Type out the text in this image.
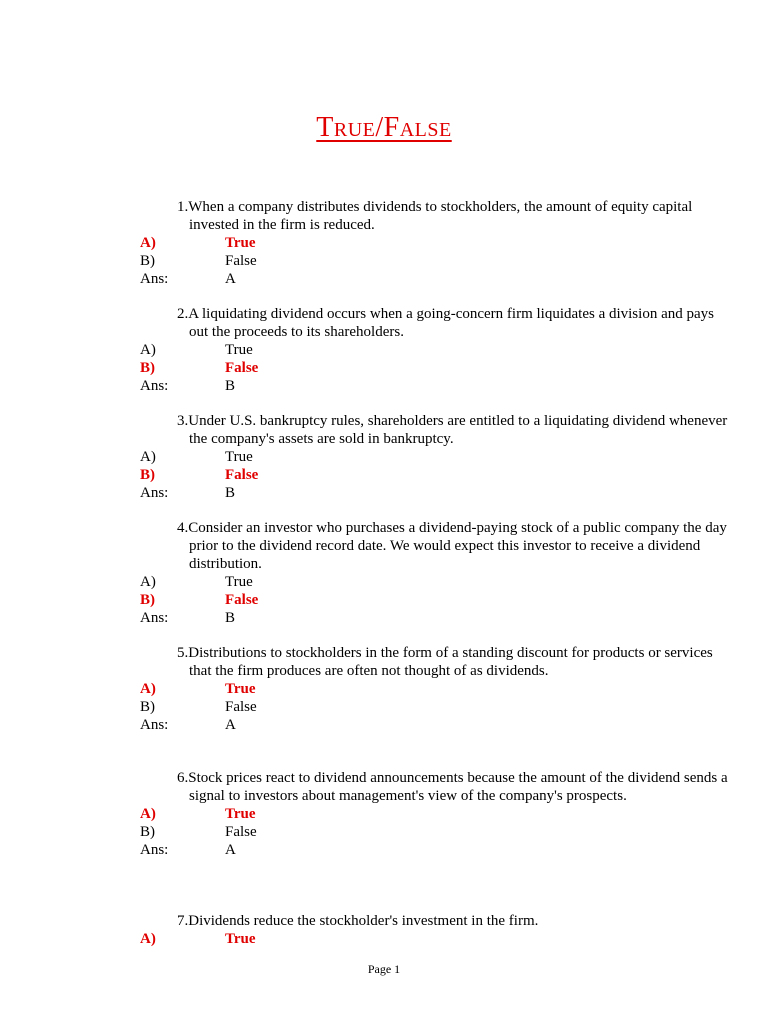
True/False
1.When a company distributes dividends to stockholders, the amount of equity capital invested in the firm is reduced.
A)	True
B)	False
Ans:	A
2.A liquidating dividend occurs when a going-concern firm liquidates a division and pays out the proceeds to its shareholders.
A)	True
B)	False
Ans:	B
3.Under U.S. bankruptcy rules, shareholders are entitled to a liquidating dividend whenever the company's assets are sold in bankruptcy.
A)	True
B)	False
Ans:	B
4.Consider an investor who purchases a dividend-paying stock of a public company the day prior to the dividend record date. We would expect this investor to receive a dividend distribution.
A)	True
B)	False
Ans:	B
5.Distributions to stockholders in the form of a standing discount for products or services that the firm produces are often not thought of as dividends.
A)	True
B)	False
Ans:	A
6.Stock prices react to dividend announcements because the amount of the dividend sends a signal to investors about management's view of the company's prospects.
A)	True
B)	False
Ans:	A
7.Dividends reduce the stockholder's investment in the firm.
A)	True
Page 1
